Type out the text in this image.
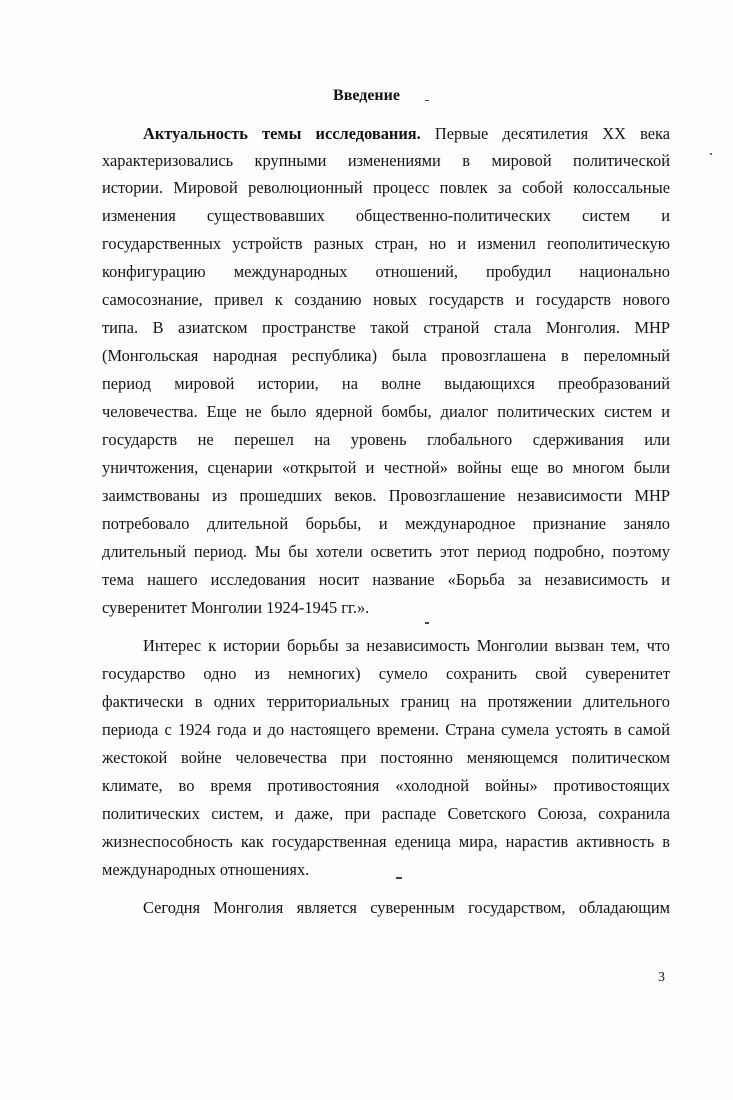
Введение
Актуальность темы исследования. Первые десятилетия XX века
характеризовались крупными изменениями в мировой политической
истории. Мировой революционный процесс повлек за собой колоссальные
изменения существовавших общественно-политических систем и
государственных устройств разных стран, но и изменил геополитическую
конфигурацию международных отношений, пробудил национально
самосознание, привел к созданию новых государств и государств нового
типа. В азиатском пространстве такой страной стала Монголия. МНР
(Монгольская народная республика) была провозглашена в переломный
период мировой истории, на волне выдающихся преобразований
человечества. Еще не было ядерной бомбы, диалог политических систем и
государств не перешел на уровень глобального сдерживания или
уничтожения, сценарии «открытой и честной» войны еще во многом были
заимствованы из прошедших веков. Провозглашение независимости МНР
потребовало длительной борьбы, и международное признание заняло
длительный период. Мы бы хотели осветить этот период подробно, поэтому
тема нашего исследования носит название «Борьба за независимость и
суверенитет Монголии 1924-1945 гг.».
Интерес к истории борьбы за независимость Монголии вызван тем, что
государство одно из немногих) сумело сохранить свой суверенитет
фактически в одних территориальных границ на протяжении длительного
периода с 1924 года и до настоящего времени. Страна сумела устоять в самой
жестокой войне человечества при постоянно меняющемся политическом
климате, во время противостояния «холодной войны» противостоящих
политических систем, и даже, при распаде Советского Союза, сохранила
жизнеспособность как государственная еденица мира, нарастив активность в
международных отношениях.
Сегодня Монголия является суверенным государством, обладающим
3
